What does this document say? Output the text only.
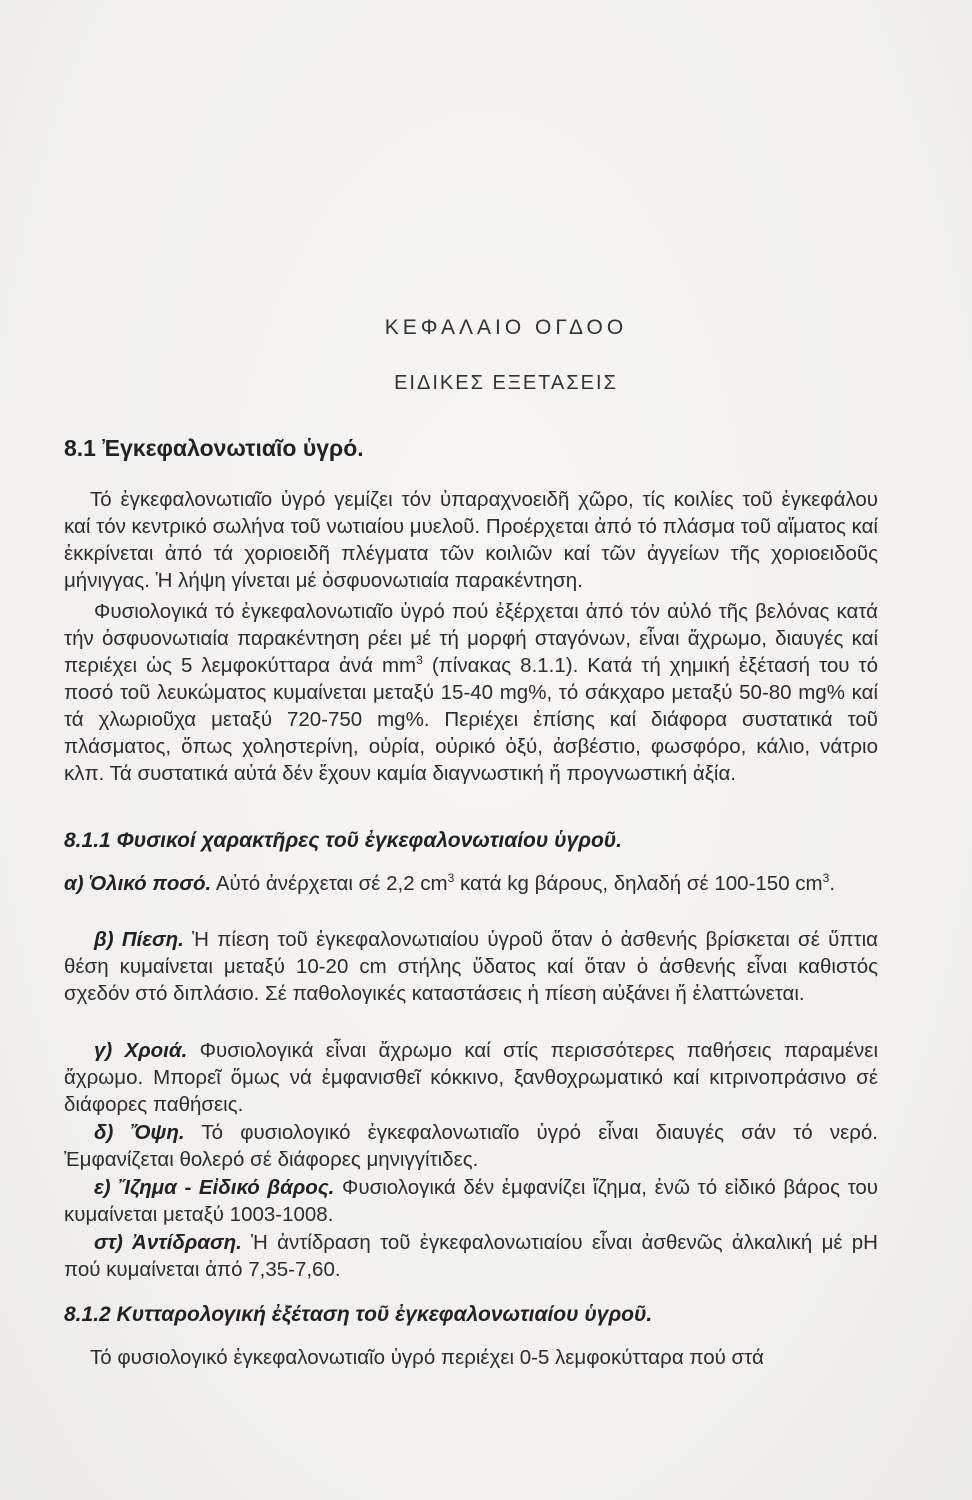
ΚΕΦΑΛΑΙΟ ΟΓΔΟΟ
ΕΙΔΙΚΕΣ ΕΞΕΤΑΣΕΙΣ
8.1 Ἐγκεφαλονωτιαῖο ὑγρό.
Τό ἐγκεφαλονωτιαῖο ὑγρό γεμίζει τόν ὑπαραχνοειδῆ χῶρο, τίς κοιλίες τοῦ ἐγκεφάλου καί τόν κεντρικό σωλήνα τοῦ νωτιαίου μυελοῦ. Προέρχεται ἀπό τό πλάσμα τοῦ αἵματος καί ἐκκρίνεται ἀπό τά χοριοειδῆ πλέγματα τῶν κοιλιῶν καί τῶν ἀγγείων τῆς χοριοειδοῦς μήνιγγας. Ἡ λήψη γίνεται μέ ὀσφυονωτιαία παρακέντηση.
Φυσιολογικά τό ἐγκεφαλονωτιαῖο ὑγρό πού ἐξέρχεται ἀπό τόν αὐλό τῆς βελόνας κατά τήν ὀσφυονωτιαία παρακέντηση ρέει μέ τή μορφή σταγόνων, εἶναι ἄχρωμο, διαυγές καί περιέχει ὡς 5 λεμφοκύτταρα ἀνά $mm^3$ (πίνακας 8.1.1). Κατά τή χημική ἐξέτασή του τό ποσό τοῦ λευκώματος κυμαίνεται μεταξύ 15-40 mg%, τό σάκχαρο μεταξύ 50-80 mg% καί τά χλωριοῦχα μεταξύ 720-750 mg%. Περιέχει ἐπίσης καί διάφορα συστατικά τοῦ πλάσματος, ὅπως χοληστερίνη, οὐρία, οὐρικό ὀξύ, ἀσβέστιο, φωσφόρο, κάλιο, νάτριο κλπ. Τά συστατικά αὐτά δέν ἔχουν καμία διαγνωστική ἤ προγνωστική ἀξία.
8.1.1 Φυσικοί χαρακτῆρες τοῦ ἐγκεφαλονωτιαίου ὑγροῦ.
α) Ὁλικό ποσό. Αὐτό ἀνέρχεται σέ 2,2 $cm^3$ κατά kg βάρους, δηλαδή σέ 100-150 $cm^3$.
β) Πίεση. Ἡ πίεση τοῦ ἐγκεφαλονωτιαίου ὑγροῦ ὅταν ὁ ἀσθενής βρίσκεται σέ ὕπτια θέση κυμαίνεται μεταξύ 10-20 cm στήλης ὕδατος καί ὅταν ὁ ἀσθενής εἶναι καθιστός σχεδόν στό διπλάσιο. Σέ παθολογικές καταστάσεις ἡ πίεση αὐξάνει ἤ ἐλαττώνεται.
γ) Χροιά. Φυσιολογικά εἶναι ἄχρωμο καί στίς περισσότερες παθήσεις παραμένει ἄχρωμο. Μπορεῖ ὅμως νά ἐμφανισθεῖ κόκκινο, ξανθοχρωματικό καί κιτρινοπράσινο σέ διάφορες παθήσεις.
δ) Ὄψη. Τό φυσιολογικό ἐγκεφαλονωτιαῖο ὑγρό εἶναι διαυγές σάν τό νερό. Ἐμφανίζεται θολερό σέ διάφορες μηνιγγίτιδες.
ε) Ἴζημα - Εἰδικό βάρος. Φυσιολογικά δέν ἐμφανίζει ἴζημα, ἐνῶ τό εἰδικό βάρος του κυμαίνεται μεταξύ 1003-1008.
στ) Ἀντίδραση. Ἡ ἀντίδραση τοῦ ἐγκεφαλονωτιαίου εἶναι ἀσθενῶς ἀλκαλική μέ pH πού κυμαίνεται ἀπό 7,35-7,60.
8.1.2 Κυτταρολογική ἐξέταση τοῦ ἐγκεφαλονωτιαίου ὑγροῦ.
Τό φυσιολογικό ἐγκεφαλονωτιαῖο ὑγρό περιέχει 0-5 λεμφοκύτταρα πού στά
